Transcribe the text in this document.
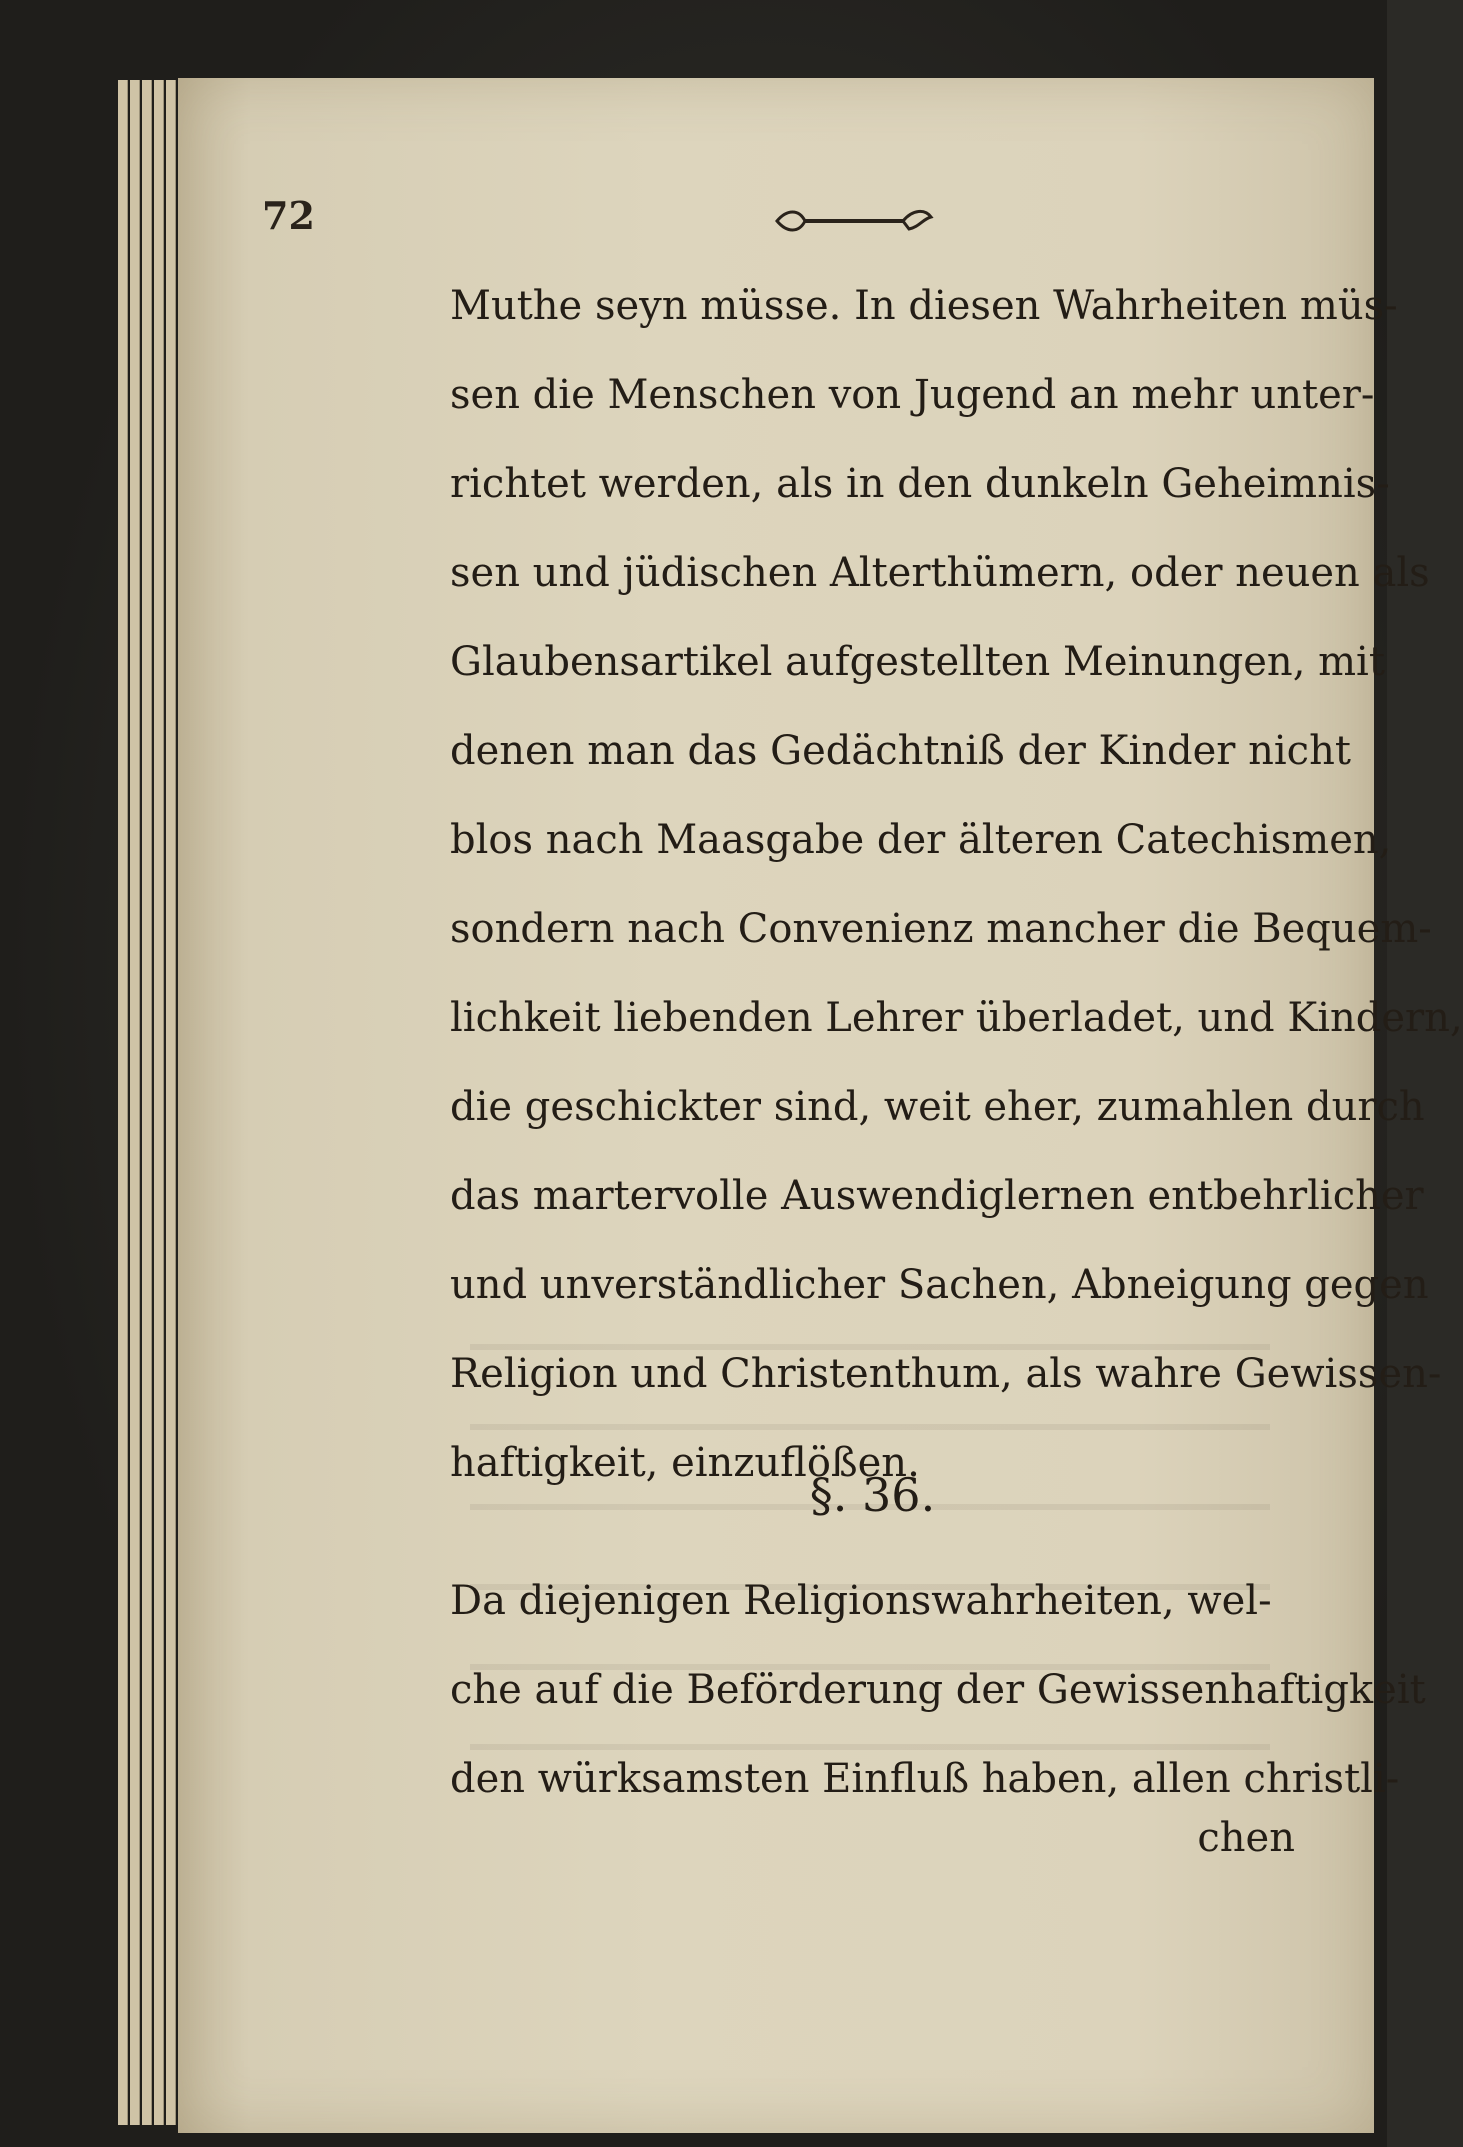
72
Muthe seyn müsse. In diesen Wahrheiten müs-
sen die Menschen von Jugend an mehr unter-
richtet werden, als in den dunkeln Geheimnis-
sen und jüdischen Alterthümern, oder neuen als
Glaubensartikel aufgestellten Meinungen, mit
denen man das Gedächtniß der Kinder nicht
blos nach Maasgabe der älteren Catechismen,
sondern nach Convenienz mancher die Bequem-
lichkeit liebenden Lehrer überladet, und Kindern,
die geschickter sind, weit eher, zumahlen durch
das martervolle Auswendiglernen entbehrlicher
und unverständlicher Sachen, Abneigung gegen
Religion und Christenthum, als wahre Gewissen-
haftigkeit, einzuflößen.
§. 36.
Da diejenigen Religionswahrheiten, wel-
che auf die Beförderung der Gewissenhaftigkeit
den würksamsten Einfluß haben, allen christli-
chen
